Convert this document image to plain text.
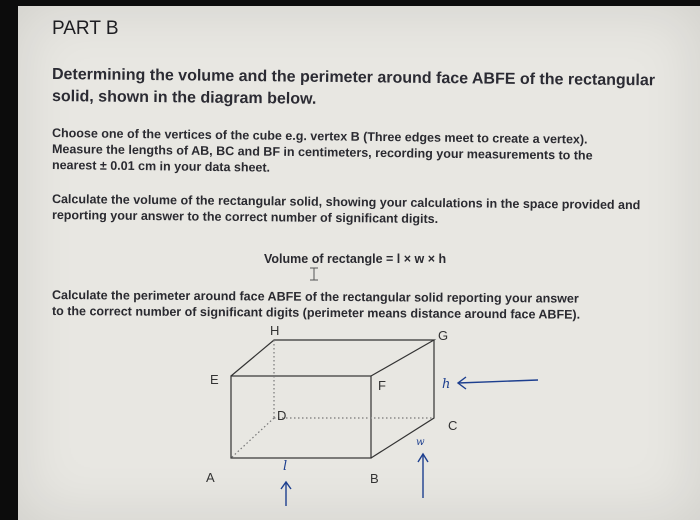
PART B

Determining the volume and the perimeter around face ABFE of the rectangular

solid, shown in the diagram below.

Choose one of the vertices of the cube e.g. vertex B (Three edges meet to create a vertex).

Measure the lengths of AB, BC and BF in centimeters, recording your measurements to the

nearest ± 0.01 cm in your data sheet.

Calculate the volume of the rectangular solid, showing your calculations in the space provided and

reporting your answer to the correct number of significant digits.

Volume of rectangle = l × w × h

Calculate the perimeter around face ABFE of the rectangular solid reporting your answer

to the correct number of significant digits (perimeter means distance around face ABFE).

H	G
E	F
D
C
A	B
h
w
l
